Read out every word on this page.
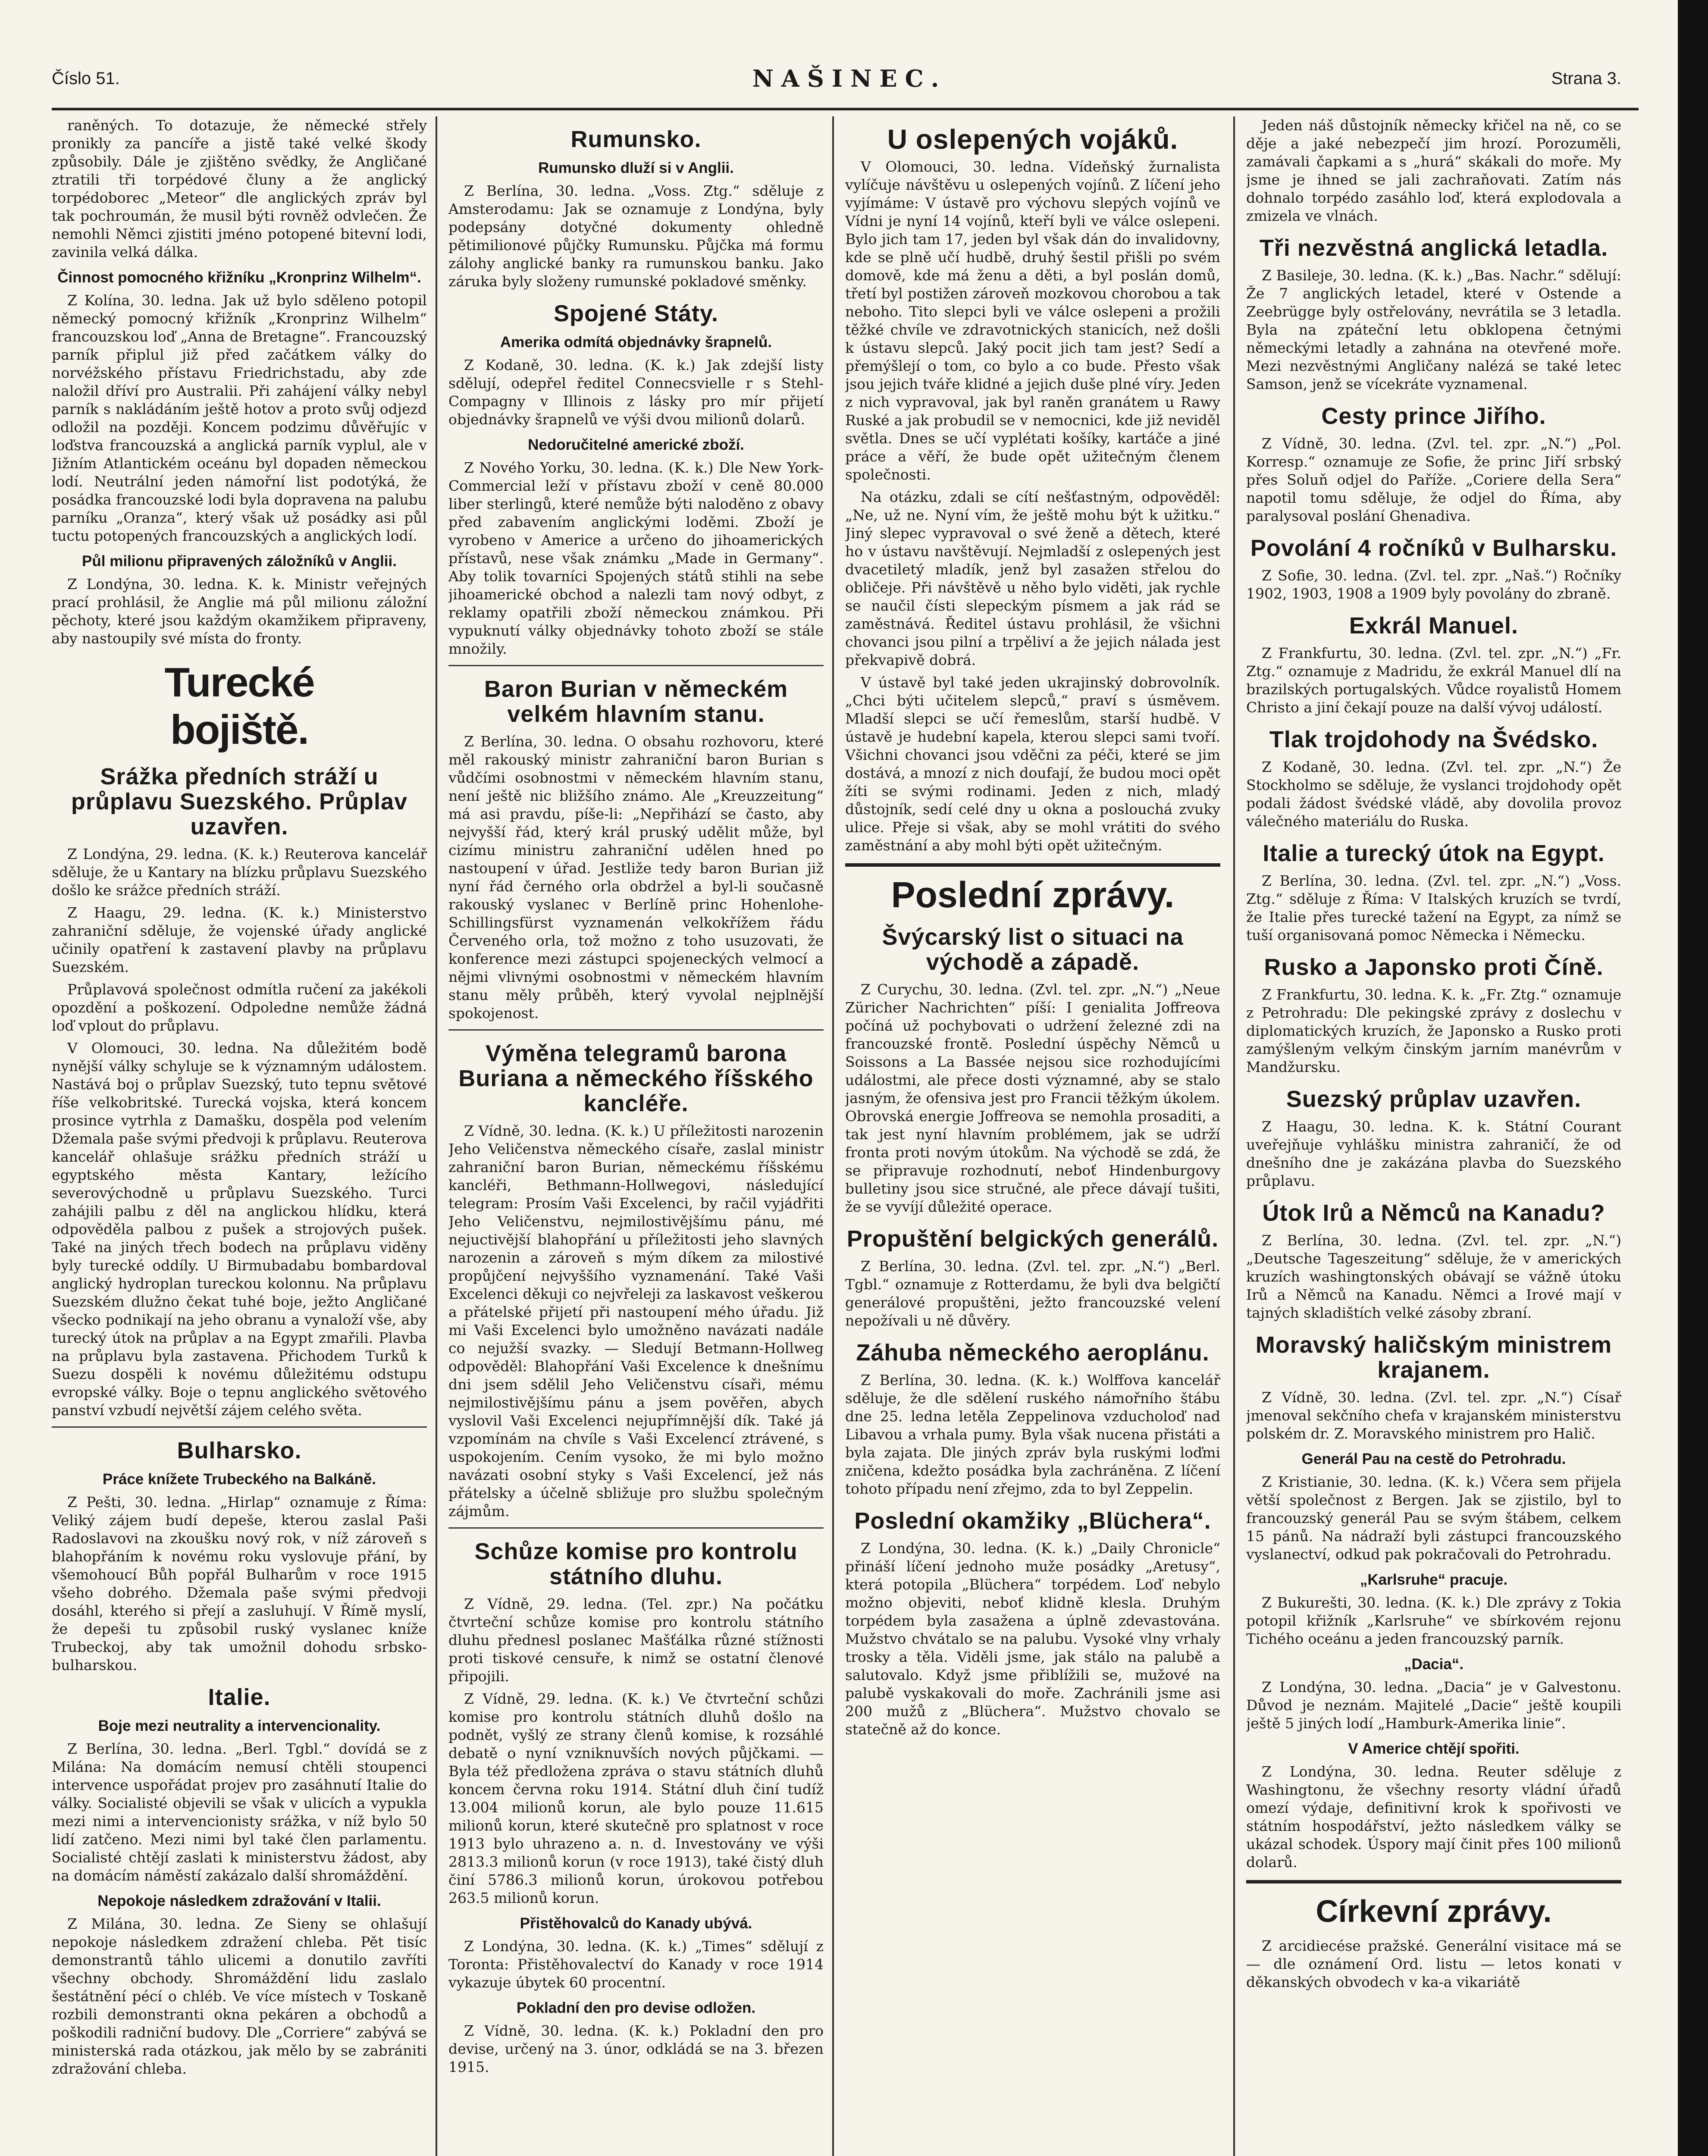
Číslo 51.	NAŠINEC.	Strana 3.

raněných. To dotazuje, že německé střely pronikly za pancíře a jistě také velké škody způsobily. Dále je zjištěno svědky, že Angličané ztratili tři torpédové čluny a že anglický torpédoborec „Meteor“ dle anglických zpráv byl tak pochroumán, že musil býti rovněž odvlečen. Že nemohli Němci zjistiti jméno potopené bitevní lodi, zavinila velká dálka.

Činnost pomocného křižníku „Kronprinz Wilhelm“.

Z Kolína, 30. ledna. Jak už bylo sděleno potopil německý pomocný křižník „Kronprinz Wilhelm“ francouzskou loď „Anna de Bretagne“. Francouzský parník připlul již před začátkem války do norvéžského přístavu Friedrichstadu, aby zde naložil dříví pro Australii. Při zahájení války nebyl parník s nakládáním ještě hotov a proto svůj odjezd odložil na později. Koncem podzimu důvěřujíc v loďstva francouzská a anglická parník vyplul, ale v Jižním Atlantickém oceánu byl dopaden německou lodí. Neutrální jeden námořní list podotýká, že posádka francouzské lodi byla dopravena na palubu parníku „Oranza“, který však už posádky asi půl tuctu potopených francouzských a anglických lodí.

Půl milionu připravených záložníků v Anglii.

Z Londýna, 30. ledna. K. k. Ministr veřejných prací prohlásil, že Anglie má půl milionu záložní pěchoty, které jsou každým okamžikem připraveny, aby nastoupily své místa do fronty.

Turecké bojiště.
Srážka předních stráží u průplavu Suezského. Průplav uzavřen.

Z Londýna, 29. ledna. (K. k.) Reuterova kancelář sděluje, že u Kantary na blízku průplavu Suezského došlo ke srážce předních stráží.

Z Haagu, 29. ledna. (K. k.) Ministerstvo zahraniční sděluje, že vojenské úřady anglické učinily opatření k zastavení plavby na průplavu Suezském.

Průplavová společnost odmítla ručení za jakékoli opozdění a poškození. Odpoledne nemůže žádná loď vplout do průplavu.

V Olomouci, 30. ledna. Na důležitém bodě nynější války schyluje se k významným událostem. Nastává boj o průplav Suezský, tuto tepnu světové říše velkobritské. Turecká vojska, která koncem prosince vytrhla z Damašku, dospěla pod velením Džemala paše svými předvoji k průplavu. Reuterova kancelář ohlašuje srážku předních stráží u egyptského města Kantary, ležícího severovýchodně u průplavu Suezského. Turci zahájili palbu z děl na anglickou hlídku, která odpověděla palbou z pušek a strojových pušek. Také na jiných třech bodech na průplavu viděny byly turecké oddíly. U Birmubadabu bombardoval anglický hydroplan tureckou kolonnu. Na průplavu Suezském dlužno čekat tuhé boje, ježto Angličané všecko podnikají na jeho obranu a vynaloží vše, aby turecký útok na průplav a na Egypt zmařili. Plavba na průplavu byla zastavena. Přichodem Turků k Suezu dospěli k novému důležitému odstupu evropské války. Boje o tepnu anglického světového panství vzbudí největší zájem celého světa.

Bulharsko.
Práce knížete Trubeckého na Balkáně.

Z Pešti, 30. ledna. „Hirlap“ oznamuje z Říma: Veliký zájem budí depeše, kterou zaslal Paši Radoslavovi na zkoušku nový rok, v níž zároveň s blahopřáním k novému roku vyslovuje přání, by všemohoucí Bůh popřál Bulharům v roce 1915 všeho dobrého. Džemala paše svými předvoji dosáhl, kterého si přejí a zasluhují. V Římě myslí, že depeši tu způsobil ruský vyslanec kníže Trubeckoj, aby tak umožnil dohodu srbsko-bulharskou.

Italie.
Boje mezi neutrality a intervencionality.

Z Berlína, 30. ledna. „Berl. Tgbl.“ dovídá se z Milána: Na domácím nemusí chtěli stoupenci intervence uspořádat projev pro zasáhnutí Italie do války. Socialisté objevili se však v ulicích a vypukla mezi nimi a intervencionisty srážka, v níž bylo 50 lidí zatčeno. Mezi nimi byl také člen parlamentu. Socialisté chtějí zaslati k ministerstvu žádost, aby na domácím náměstí zakázalo další shromáždění.

Nepokoje následkem zdražování v Italii.

Z Milána, 30. ledna. Ze Sieny se ohlašují nepokoje následkem zdražení chleba. Pět tisíc demonstrantů táhlo ulicemi a donutilo zavříti všechny obchody. Shromáždění lidu zaslalo šestátnění pécí o chléb. Ve více místech v Toskaně rozbili demonstranti okna pekáren a obchodů a poškodili radniční budovy. Dle „Corriere“ zabývá se ministerská rada otázkou, jak mělo by se zabrániti zdražování chleba.

Rumunsko.
Rumunsko dluží si v Anglii.

Z Berlína, 30. ledna. „Voss. Ztg.“ sděluje z Amsterodamu: Jak se oznamuje z Londýna, byly podepsány dotyčné dokumenty ohledně pětimilionové půjčky Rumunsku. Půjčka má formu zálohy anglické banky ra rumunskou banku. Jako záruka byly složeny rumunské pokladové směnky.

Spojené Státy.
Amerika odmítá objednávky šrapnelů.

Z Kodaně, 30. ledna. (K. k.) Jak zdejší listy sdělují, odepřel ředitel Connecsvielle r s Stehl-Compagny v Illinois z lásky pro mír přijetí objednávky šrapnelů ve výši dvou milionů dolarů.

Nedoručitelné americké zboží.

Z Nového Yorku, 30. ledna. (K. k.) Dle New York-Commercial leží v přístavu zboží v ceně 80.000 liber sterlingů, které nemůže býti naloděno z obavy před zabavením anglickými loděmi. Zboží je vyrobeno v Americe a určeno do jihoamerických přístavů, nese však známku „Made in Germany“. Aby tolik tovarníci Spojených států stihli na sebe jihoamerické obchod a nalezli tam nový odbyt, z reklamy opatřili zboží německou známkou. Při vypuknutí války objednávky tohoto zboží se stále množily.

Baron Burian v německém velkém hlavním stanu.

Z Berlína, 30. ledna. O obsahu rozhovoru, které měl rakouský ministr zahraniční baron Burian s vůdčími osobnostmi v německém hlavním stanu, není ještě nic bližšího známo. Ale „Kreuzzeitung“ má asi pravdu, píše-li: „Nepřihází se často, aby nejvyšší řád, který král pruský udělit může, byl cizímu ministru zahraniční udělen hned po nastoupení v úřad. Jestliže tedy baron Burian již nyní řád černého orla obdržel a byl-li současně rakouský vyslanec v Berlíně princ Hohenlohe-Schillingsfürst vyznamenán velkokřížem řádu Červeného orla, tož možno z toho usuzovati, že konference mezi zástupci spojeneckých velmocí a nějmi vlivnými osobnostmi v německém hlavním stanu měly průběh, který vyvolal nejplnější spokojenost.

Výměna telegramů barona Buriana a německého říšského kancléře.

Z Vídně, 30. ledna. (K. k.) U příležitosti narozenin Jeho Veličenstva německého císaře, zaslal ministr zahraniční baron Burian, německému říšskému kancléři, Bethmann-Hollwegovi, následující telegram: Prosím Vaši Excelenci, by račil vyjádřiti Jeho Veličenstvu, nejmilostivějšímu pánu, mé nejuctivější blahopřání u příležitosti jeho slavných narozenin a zároveň s mým díkem za milostivé propůjčení nejvyššího vyznamenání. Také Vaši Excelenci děkuji co nejvřeleji za laskavost veškerou a přátelské přijetí při nastoupení mého úřadu. Již mi Vaši Excelenci bylo umožněno navázati nadále co nejužší svazky. — Sledují Betmann-Hollweg odpověděl: Blahopřání Vaši Excelence k dnešnímu dni jsem sdělil Jeho Veličenstvu císaři, mému nejmilostivějšímu pánu a jsem pověřen, abych vyslovil Vaši Excelenci nejupřímnější dík. Také já vzpomínám na chvíle s Vaši Excelencí ztrávené, s uspokojením. Cením vysoko, že mi bylo možno navázati osobní styky s Vaši Excelencí, jež nás přátelsky a účelně sbližuje pro službu společným zájmům.

Schůze komise pro kontrolu státního dluhu.

Z Vídně, 29. ledna. (Tel. zpr.) Na počátku čtvrteční schůze komise pro kontrolu státního dluhu přednesl poslanec Mašťálka různé stížnosti proti tiskové censuře, k nimž se ostatní členové připojili.

Z Vídně, 29. ledna. (K. k.) Ve čtvrteční schůzi komise pro kontrolu státních dluhů došlo na podnět, vyšlý ze strany členů komise, k rozsáhlé debatě o nyní vzniknuvších nových půjčkami. — Byla též předložena zpráva o stavu státních dluhů koncem června roku 1914. Státní dluh činí tudíž 13.004 milionů korun, ale bylo pouze 11.615 milionů korun, které skutečně pro splatnost v roce 1913 bylo uhrazeno a. n. d. Investovány ve výši 2813.3 milionů korun (v roce 1913), také čistý dluh činí 5786.3 milionů korun, úrokovou potřebou 263.5 milionů korun.

Přistěhovalců do Kanady ubývá.

Z Londýna, 30. ledna. (K. k.) „Times“ sdělují z Toronta: Přistěhovalectví do Kanady v roce 1914 vykazuje úbytek 60 procentní.

Pokladní den pro devise odložen.

Z Vídně, 30. ledna. (K. k.) Pokladní den pro devise, určený na 3. únor, odkládá se na 3. březen 1915.

U oslepených vojáků.

V Olomouci, 30. ledna. Vídeňský žurnalista vylíčuje návštěvu u oslepených vojínů. Z líčení jeho vyjímáme: V ústavě pro výchovu slepých vojínů ve Vídni je nyní 14 vojínů, kteří byli ve válce oslepeni. Bylo jich tam 17, jeden byl však dán do invalidovny, kde se plně učí hudbě, druhý šestil přišli po svém domově, kde má ženu a děti, a byl poslán domů, třetí byl postižen zároveň mozkovou chorobou a tak neboho. Tito slepci byli ve válce oslepeni a prožili těžké chvíle ve zdravotnických stanicích, než došli k ústavu slepců. Jaký pocit jich tam jest? Sedí a přemýšlejí o tom, co bylo a co bude. Přesto však jsou jejich tváře klidné a jejich duše plné víry. Jeden z nich vypravoval, jak byl raněn granátem u Rawy Ruské a jak probudil se v nemocnici, kde již neviděl světla. Dnes se učí vyplétati košíky, kartáče a jiné práce a věří, že bude opět užitečným členem společnosti.

Na otázku, zdali se cítí nešťastným, odpověděl: „Ne, už ne. Nyní vím, že ještě mohu být k užitku.“ Jiný slepec vypravoval o své ženě a dětech, které ho v ústavu navštěvují. Nejmladší z oslepených jest dvacetiletý mladík, jenž byl zasažen střelou do obličeje. Při návštěvě u něho bylo viděti, jak rychle se naučil čísti slepeckým písmem a jak rád se zaměstnává. Ředitel ústavu prohlásil, že všichni chovanci jsou pilní a trpěliví a že jejich nálada jest překvapivě dobrá.

V ústavě byl také jeden ukrajinský dobrovolník. „Chci býti učitelem slepců,“ praví s úsměvem. Mladší slepci se učí řemeslům, starší hudbě. V ústavě je hudební kapela, kterou slepci sami tvoří. Všichni chovanci jsou vděčni za péči, které se jim dostává, a mnozí z nich doufají, že budou moci opět žíti se svými rodinami. Jeden z nich, mladý důstojník, sedí celé dny u okna a poslouchá zvuky ulice. Přeje si však, aby se mohl vrátiti do svého zaměstnání a aby mohl býti opět užitečným.

Poslední zprávy.
Švýcarský list o situaci na východě a západě.

Z Curychu, 30. ledna. (Zvl. tel. zpr. „N.“) „Neue Züricher Nachrichten“ píší: I genialita Joffreova počíná už pochybovati o udržení železné zdi na francouzské frontě. Poslední úspěchy Němců u Soissons a La Bassée nejsou sice rozhodujícími událostmi, ale přece dosti významné, aby se stalo jasným, že ofensiva jest pro Francii těžkým úkolem. Obrovská energie Joffreova se nemohla prosaditi, a tak jest nyní hlavním problémem, jak se udrží fronta proti novým útokům. Na východě se zdá, že se připravuje rozhodnutí, neboť Hindenburgovy bulletiny jsou sice stručné, ale přece dávají tušiti, že se vyvíjí důležité operace.

Propuštění belgických generálů.

Z Berlína, 30. ledna. (Zvl. tel. zpr. „N.“) „Berl. Tgbl.“ oznamuje z Rotterdamu, že byli dva belgičtí generálové propuštěni, ježto francouzské velení nepožívali u ně důvěry.

Záhuba německého aeroplánu.

Z Berlína, 30. ledna. (K. k.) Wolffova kancelář sděluje, že dle sdělení ruského námořního štábu dne 25. ledna letěla Zeppelinova vzducholoď nad Libavou a vrhala pumy. Byla však nucena přistáti a byla zajata. Dle jiných zpráv byla ruskými loďmi zničena, kdežto posádka byla zachráněna. Z líčení tohoto případu není zřejmo, zda to byl Zeppelin.

Poslední okamžiky „Blüchera“.

Z Londýna, 30. ledna. (K. k.) „Daily Chronicle“ přináší líčení jednoho muže posádky „Aretusy“, která potopila „Blüchera“ torpédem. Loď nebylo možno objeviti, neboť klidně klesla. Druhým torpédem byla zasažena a úplně zdevastována. Mužstvo chvátalo se na palubu. Vysoké vlny vrhaly trosky a těla. Viděli jsme, jak stálo na palubě a salutovalo. Když jsme přiblížili se, mužové na palubě vyskakovali do moře. Zachránili jsme asi 200 mužů z „Blüchera“. Mužstvo chovalo se statečně až do konce.

Jeden náš důstojník německy křičel na ně, co se děje a jaké nebezpečí jim hrozí. Porozuměli, zamávali čapkami a s „hurá“ skákali do moře. My jsme je ihned se jali zachraňovati. Zatím nás dohnalo torpédo zasáhlo loď, která explodovala a zmizela ve vlnách.

Tři nezvěstná anglická letadla.

Z Basileje, 30. ledna. (K. k.) „Bas. Nachr.“ sdělují: Že 7 anglických letadel, které v Ostende a Zeebrügge byly ostřelovány, nevrátila se 3 letadla. Byla na zpáteční letu obklopena četnými německými letadly a zahnána na otevřené moře. Mezi nezvěstnými Angličany nalézá se také letec Samson, jenž se vícekráte vyznamenal.

Cesty prince Jiřího.

Z Vídně, 30. ledna. (Zvl. tel. zpr. „N.“) „Pol. Korresp.“ oznamuje ze Sofie, že princ Jiří srbský přes Soluň odjel do Paříže. „Coriere della Sera“ napotil tomu sděluje, že odjel do Říma, aby paralysoval poslání Ghenadiva.

Povolání 4 ročníků v Bulharsku.

Z Sofie, 30. ledna. (Zvl. tel. zpr. „Naš.“) Ročníky 1902, 1903, 1908 a 1909 byly povolány do zbraně.

Exkrál Manuel.

Z Frankfurtu, 30. ledna. (Zvl. tel. zpr. „N.“) „Fr. Ztg.“ oznamuje z Madridu, že exkrál Manuel dlí na brazilských portugalských. Vůdce royalistů Homem Christo a jiní čekají pouze na další vývoj událostí.

Tlak trojdohody na Švédsko.

Z Kodaně, 30. ledna. (Zvl. tel. zpr. „N.“) Že Stockholmo se sděluje, že vyslanci trojdohody opět podali žádost švédské vládě, aby dovolila provoz válečného materiálu do Ruska.

Italie a turecký útok na Egypt.

Z Berlína, 30. ledna. (Zvl. tel. zpr. „N.“) „Voss. Ztg.“ sděluje z Říma: V Italských kruzích se tvrdí, že Italie přes turecké tažení na Egypt, za nímž se tuší organisovaná pomoc Německa i Německu.

Rusko a Japonsko proti Číně.

Z Frankfurtu, 30. ledna. K. k. „Fr. Ztg.“ oznamuje z Petrohradu: Dle pekingské zprávy z doslechu v diplomatických kruzích, že Japonsko a Rusko proti zamýšleným velkým činským jarním manévrům v Mandžursku.

Suezský průplav uzavřen.

Z Haagu, 30. ledna. K. k. Státní Courant uveřejňuje vyhlášku ministra zahraničí, že od dnešního dne je zakázána plavba do Suezského průplavu.

Útok Irů a Němců na Kanadu?

Z Berlína, 30. ledna. (Zvl. tel. zpr. „N.“) „Deutsche Tageszeitung“ sděluje, že v amerických kruzích washingtonských obávají se vážně útoku Irů a Němců na Kanadu. Němci a Irové mají v tajných skladištích velké zásoby zbraní.

Moravský haličským ministrem krajanem.

Z Vídně, 30. ledna. (Zvl. tel. zpr. „N.“) Císař jmenoval sekčního chefa v krajanském ministerstvu polském dr. Z. Moravského ministrem pro Halič.

Generál Pau na cestě do Petrohradu.

Z Kristianie, 30. ledna. (K. k.) Včera sem přijela větší společnost z Bergen. Jak se zjistilo, byl to francouzský generál Pau se svým štábem, celkem 15 pánů. Na nádraží byli zástupci francouzského vyslanectví, odkud pak pokračovali do Petrohradu.

„Karlsruhe“ pracuje.

Z Bukurešti, 30. ledna. (K. k.) Dle zprávy z Tokia potopil křižník „Karlsruhe“ ve sbírkovém rejonu Tichého oceánu a jeden francouzský parník.

„Dacia“.

Z Londýna, 30. ledna. „Dacia“ je v Galvestonu. Důvod je neznám. Majitelé „Dacie“ ještě koupili ještě 5 jiných lodí „Hamburk-Amerika linie“.

V Americe chtějí spořiti.

Z Londýna, 30. ledna. Reuter sděluje z Washingtonu, že všechny resorty vládní úřadů omezí výdaje, definitivní krok k spořivosti ve státním hospodářství, ježto následkem války se ukázal schodek. Úspory mají činit přes 100 milionů dolarů.

Církevní zprávy.

Z arcidiecése pražské. Generální visitace má se — dle oznámení Ord. listu — letos konati v děkanských obvodech v ka-a vikariátě
